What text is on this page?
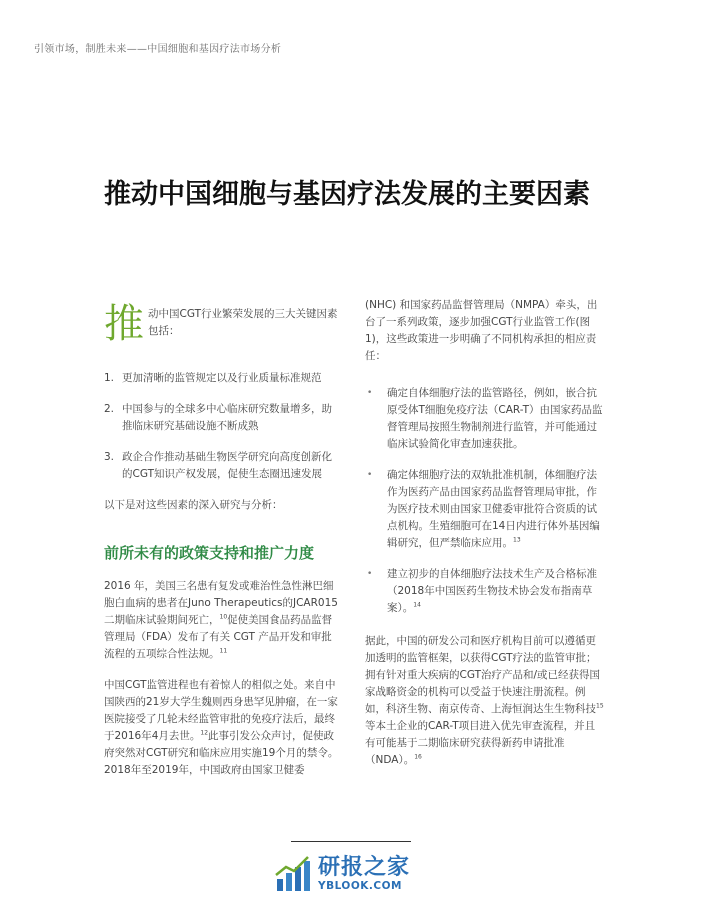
引领市场，制胜未来——中国细胞和基因疗法市场分析
推动中国细胞与基因疗法发展的主要因素
推 动中国CGT行业繁荣发展的三大关键因素包括：
1. 更加清晰的监管规定以及行业质量标准规范
2. 中国参与的全球多中心临床研究数量增多，助推临床研究基础设施不断成熟
3. 政企合作推动基础生物医学研究向高度创新化的CGT知识产权发展，促使生态圈迅速发展

以下是对这些因素的深入研究与分析：

前所未有的政策支持和推广力度

2016 年，美国三名患有复发或难治性急性淋巴细胞白血病的患者在Juno Therapeutics的JCAR015二期临床试验期间死亡，$^{10}$促使美国食品药品监督管理局（FDA）发布了有关 CGT 产品开发和审批流程的五项综合性法规。$^{11}$

中国CGT监管进程也有着惊人的相似之处。来自中国陕西的21岁大学生魏则西身患罕见肿瘤，在一家医院接受了几轮未经监管审批的免疫疗法后，最终于2016年4月去世。$^{12}$此事引发公众声讨，促使政府突然对CGT研究和临床应用实施19个月的禁令。2018年至2019年，中国政府由国家卫健委

(NHC) 和国家药品监督管理局（NMPA）牵头，出台了一系列政策，逐步加强CGT行业监管工作(图1)，这些政策进一步明确了不同机构承担的相应责任：

•	确定自体细胞疗法的监管路径，例如，嵌合抗原受体T细胞免疫疗法（CAR-T）由国家药品监督管理局按照生物制剂进行监管，并可能通过临床试验简化审查加速获批。
•	确定体细胞疗法的双轨批准机制，体细胞疗法作为医药产品由国家药品监督管理局审批，作为医疗技术则由国家卫健委审批符合资质的试点机构。生殖细胞可在14日内进行体外基因编辑研究，但严禁临床应用。$^{13}$
•	建立初步的自体细胞疗法技术生产及合格标准（2018年中国医药生物技术协会发布指南草案）。$^{14}$

据此，中国的研发公司和医疗机构目前可以遵循更加透明的监管框架，以获得CGT疗法的监管审批；拥有针对重大疾病的CGT治疗产品和/或已经获得国家战略资金的机构可以受益于快速注册流程。例如，科济生物、南京传奇、上海恒润达生生物科技$^{15}$等本土企业的CAR-T项目进入优先审查流程，并且有可能基于二期临床研究获得新药申请批准（NDA）。$^{16}$

研报之家
YBLOOK.COM
